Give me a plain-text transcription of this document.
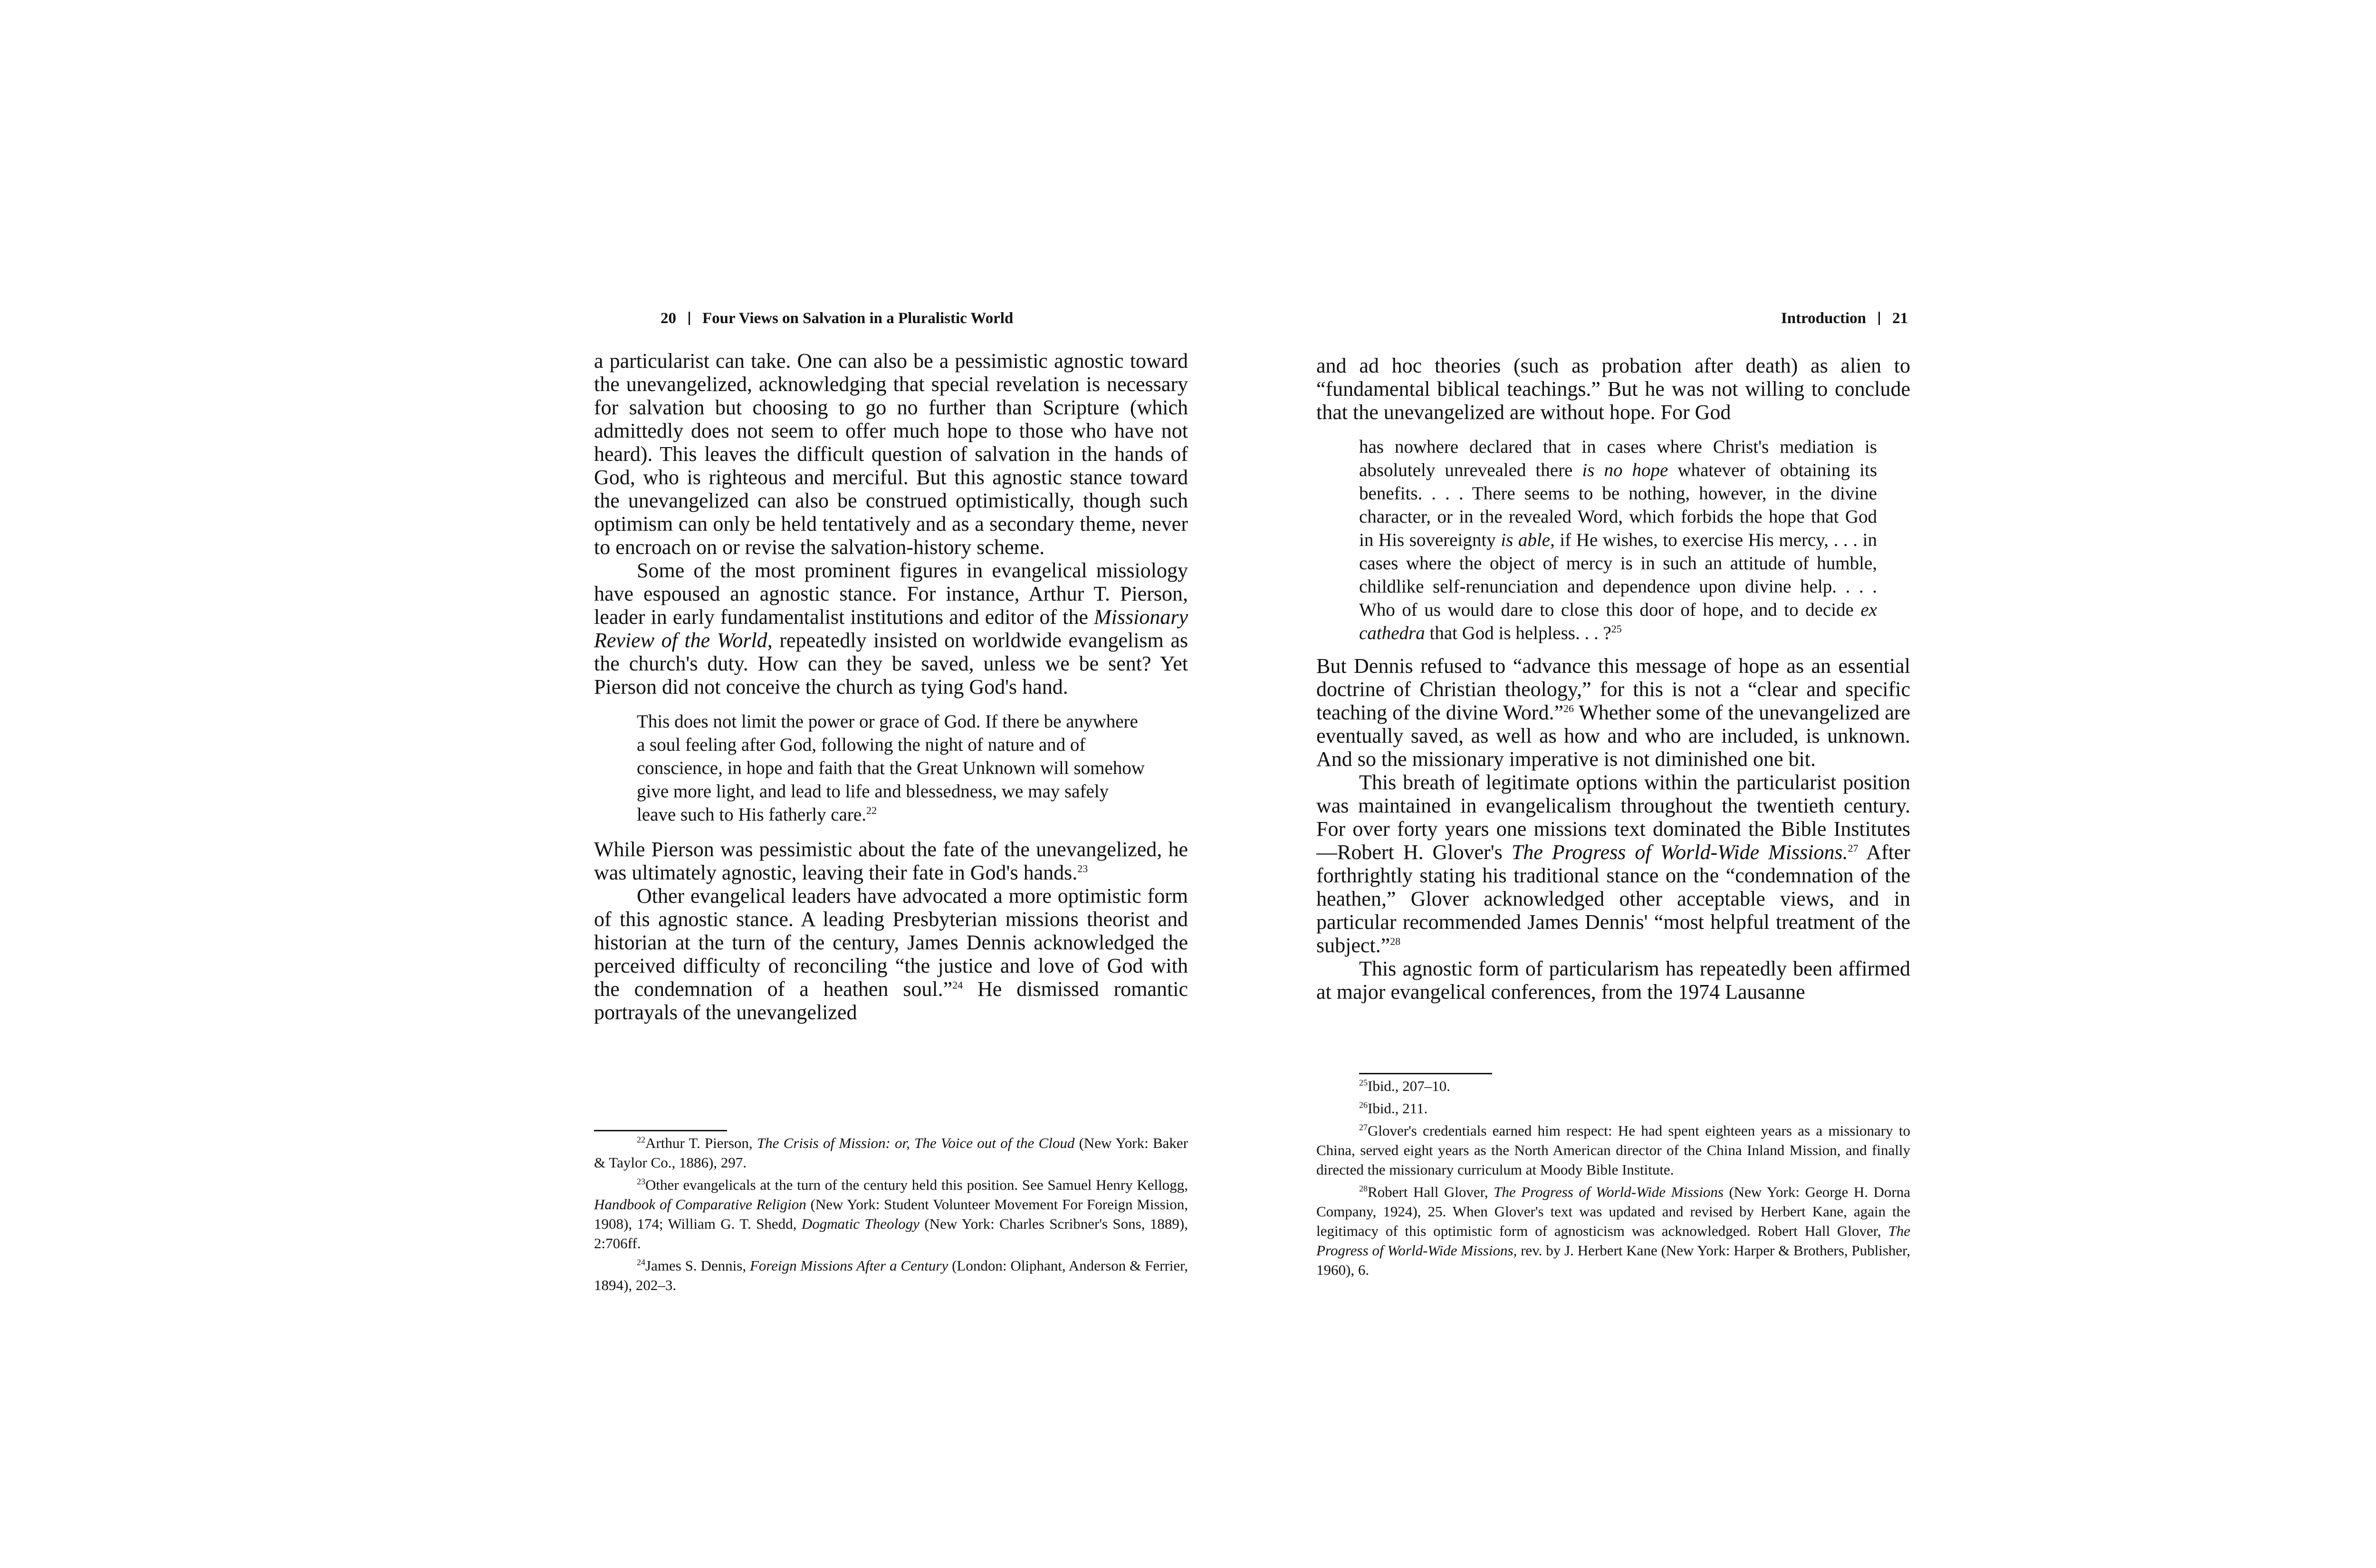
20 Four Views on Salvation in a Pluralistic World

a particularist can take. One can also be a pessimistic agnostic toward the unevangelized, acknowledging that special revelation is necessary for salvation but choosing to go no further than Scripture (which admittedly does not seem to offer much hope to those who have not heard). This leaves the difficult question of salvation in the hands of God, who is righteous and merciful. But this agnostic stance toward the unevangelized can also be construed optimistically, though such optimism can only be held tentatively and as a secondary theme, never to encroach on or revise the salvation-history scheme.

Some of the most prominent figures in evangelical missiology have espoused an agnostic stance. For instance, Arthur T. Pierson, leader in early fundamentalist institutions and editor of the Missionary Review of the World, repeatedly insisted on worldwide evangelism as the church's duty. How can they be saved, unless we be sent? Yet Pierson did not conceive the church as tying God's hand.

This does not limit the power or grace of God. If there be anywhere a soul feeling after God, following the night of nature and of conscience, in hope and faith that the Great Unknown will somehow give more light, and lead to life and blessedness, we may safely leave such to His fatherly care.$^{22}$

While Pierson was pessimistic about the fate of the unevangelized, he was ultimately agnostic, leaving their fate in God's hands.$^{23}$

Other evangelical leaders have advocated a more optimistic form of this agnostic stance. A leading Presbyterian missions theorist and historian at the turn of the century, James Dennis acknowledged the perceived difficulty of reconciling “the justice and love of God with the condemnation of a heathen soul.”$^{24}$ He dismissed romantic portrayals of the unevangelized

$^{22}$Arthur T. Pierson, The Crisis of Mission: or, The Voice out of the Cloud (New York: Baker & Taylor Co., 1886), 297.

$^{23}$Other evangelicals at the turn of the century held this position. See Samuel Henry Kellogg, Handbook of Comparative Religion (New York: Student Volunteer Movement For Foreign Mission, 1908), 174; William G. T. Shedd, Dogmatic Theology (New York: Charles Scribner's Sons, 1889), 2:706ff.

$^{24}$James S. Dennis, Foreign Missions After a Century (London: Oliphant, Anderson & Ferrier, 1894), 202–3.

Introduction 21

and ad hoc theories (such as probation after death) as alien to “fundamental biblical teachings.” But he was not willing to conclude that the unevangelized are without hope. For God

has nowhere declared that in cases where Christ's mediation is absolutely unrevealed there is no hope whatever of obtaining its benefits. . . . There seems to be nothing, however, in the divine character, or in the revealed Word, which forbids the hope that God in His sovereignty is able, if He wishes, to exercise His mercy, . . . in cases where the object of mercy is in such an attitude of humble, childlike self-renunciation and dependence upon divine help. . . . Who of us would dare to close this door of hope, and to decide ex cathedra that God is helpless. . . ?$^{25}$

But Dennis refused to “advance this message of hope as an essential doctrine of Christian theology,” for this is not a “clear and specific teaching of the divine Word.”$^{26}$ Whether some of the unevangelized are eventually saved, as well as how and who are included, is unknown. And so the missionary imperative is not diminished one bit.

This breath of legitimate options within the particularist position was maintained in evangelicalism throughout the twentieth century. For over forty years one missions text dominated the Bible Institutes—Robert H. Glover's The Progress of World-Wide Missions.$^{27}$ After forthrightly stating his traditional stance on the “condemnation of the heathen,” Glover acknowledged other acceptable views, and in particular recommended James Dennis' “most helpful treatment of the subject.”$^{28}$

This agnostic form of particularism has repeatedly been affirmed at major evangelical conferences, from the 1974 Lausanne

$^{25}$Ibid., 207–10.

$^{26}$Ibid., 211.

$^{27}$Glover's credentials earned him respect: He had spent eighteen years as a missionary to China, served eight years as the North American director of the China Inland Mission, and finally directed the missionary curriculum at Moody Bible Institute.

$^{28}$Robert Hall Glover, The Progress of World-Wide Missions (New York: George H. Dorna Company, 1924), 25. When Glover's text was updated and revised by Herbert Kane, again the legitimacy of this optimistic form of agnosticism was acknowledged. Robert Hall Glover, The Progress of World-Wide Missions, rev. by J. Herbert Kane (New York: Harper & Brothers, Publisher, 1960), 6.
